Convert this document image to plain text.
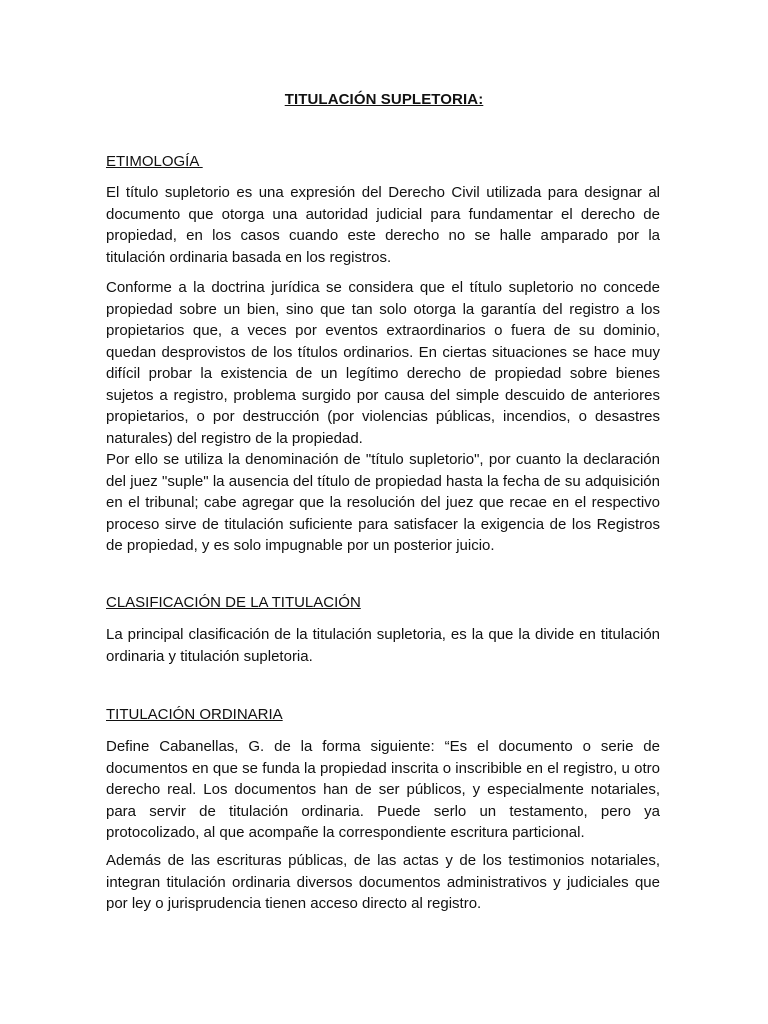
TITULACIÓN SUPLETORIA:
ETIMOLOGÍA

El título supletorio es una expresión del Derecho Civil utilizada para designar al documento que otorga una autoridad judicial para fundamentar el derecho de propiedad, en los casos cuando este derecho no se halle amparado por la titulación ordinaria basada en los registros.

Conforme a la doctrina jurídica se considera que el título supletorio no concede propiedad sobre un bien, sino que tan solo otorga la garantía del registro a los propietarios que, a veces por eventos extraordinarios o fuera de su dominio, quedan desprovistos de los títulos ordinarios. En ciertas situaciones se hace muy difícil probar la existencia de un legítimo derecho de propiedad sobre bienes sujetos a registro, problema surgido por causa del simple descuido de anteriores propietarios, o por destrucción (por violencias públicas, incendios, o desastres naturales) del registro de la propiedad.

Por ello se utiliza la denominación de "título supletorio", por cuanto la declaración del juez "suple" la ausencia del título de propiedad hasta la fecha de su adquisición en el tribunal; cabe agregar que la resolución del juez que recae en el respectivo proceso sirve de titulación suficiente para satisfacer la exigencia de los Registros de propiedad, y es solo impugnable por un posterior juicio.

CLASIFICACIÓN DE LA TITULACIÓN

La principal clasificación de la titulación supletoria, es la que la divide en titulación ordinaria y titulación supletoria.

TITULACIÓN ORDINARIA

Define Cabanellas, G. de la forma siguiente: “Es el documento o serie de documentos en que se funda la propiedad inscrita o inscribible en el registro, u otro derecho real. Los documentos han de ser públicos, y especialmente notariales, para servir de titulación ordinaria. Puede serlo un testamento, pero ya protocolizado, al que acompañe la correspondiente escritura particional.

Además de las escrituras públicas, de las actas y de los testimonios notariales, integran titulación ordinaria diversos documentos administrativos y judiciales que por ley o jurisprudencia tienen acceso directo al registro.
